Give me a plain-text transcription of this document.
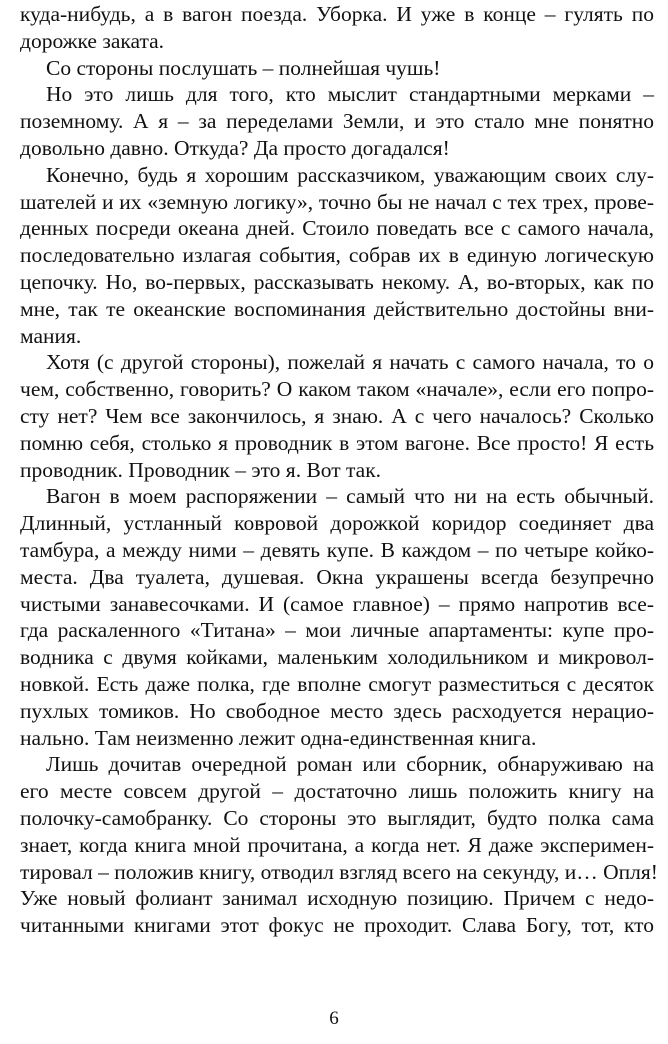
куда-нибудь, а в вагон поезда. Уборка. И уже в конце – гулять по
дорожке заката.
Со стороны послушать – полнейшая чушь!
Но это лишь для того, кто мыслит стандартными мерками –
поземному. А я – за переделами Земли, и это стало мне понятно
довольно давно. Откуда? Да просто догадался!
Конечно, будь я хорошим рассказчиком, уважающим своих слу-
шателей и их «земную логику», точно бы не начал с тех трех, прове-
денных посреди океана дней. Стоило поведать все с самого начала,
последовательно излагая события, собрав их в единую логическую
цепочку. Но, во-первых, рассказывать некому. А, во-вторых, как по
мне, так те океанские воспоминания действительно достойны вни-
мания.
Хотя (с другой стороны), пожелай я начать с самого начала, то о
чем, собственно, говорить? О каком таком «начале», если его попро-
сту нет? Чем все закончилось, я знаю. А с чего началось? Сколько
помню себя, столько я проводник в этом вагоне. Все просто! Я есть
проводник. Проводник – это я. Вот так.
Вагон в моем распоряжении – самый что ни на есть обычный.
Длинный, устланный ковровой дорожкой коридор соединяет два
тамбура, а между ними – девять купе. В каждом – по четыре койко-
места. Два туалета, душевая. Окна украшены всегда безупречно
чистыми занавесочками. И (самое главное) – прямо напротив все-
гда раскаленного «Титана» – мои личные апартаменты: купе про-
водника с двумя койками, маленьким холодильником и микровол-
новкой. Есть даже полка, где вполне смогут разместиться с десяток
пухлых томиков. Но свободное место здесь расходуется нерацио-
нально. Там неизменно лежит одна-единственная книга.
Лишь дочитав очередной роман или сборник, обнаруживаю на
его месте совсем другой – достаточно лишь положить книгу на
полочку-самобранку. Со стороны это выглядит, будто полка сама
знает, когда книга мной прочитана, а когда нет. Я даже эксперимен-
тировал – положив книгу, отводил взгляд всего на секунду, и… Опля!
Уже новый фолиант занимал исходную позицию. Причем с недо-
читанными книгами этот фокус не проходит. Слава Богу, тот, кто
6
